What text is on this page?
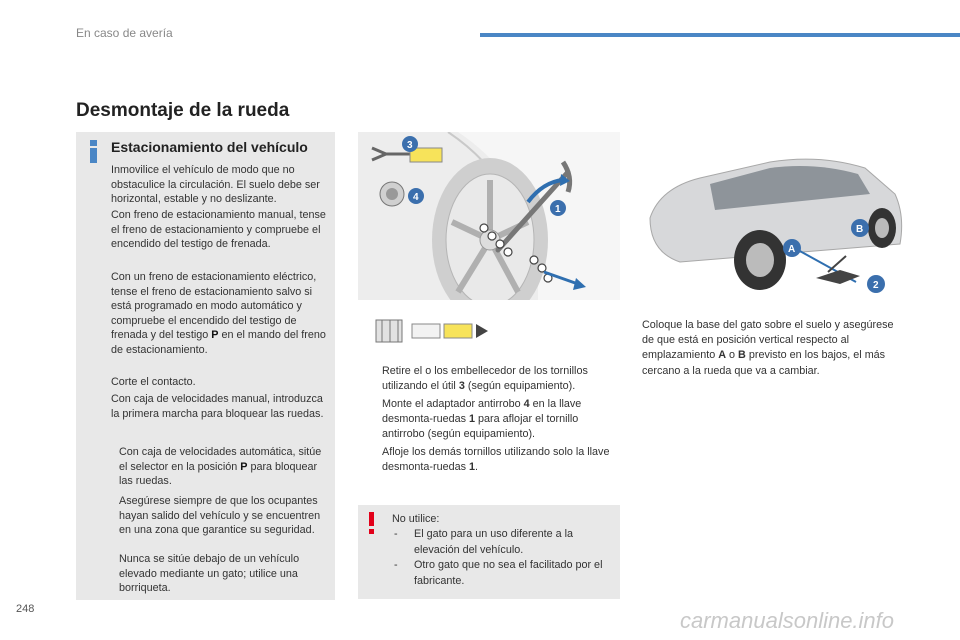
En caso de avería
Desmontaje de la rueda
Estacionamiento del vehículo

Inmovilice el vehículo de modo que no obstaculice la circulación. El suelo debe ser horizontal, estable y no deslizante.

Con freno de estacionamiento manual, tense el freno de estacionamiento y compruebe el encendido del testigo de frenada.

Con un freno de estacionamiento eléctrico, tense el freno de estacionamiento salvo si está programado en modo automático y compruebe el encendido del testigo de frenada y del testigo P en el mando del freno de estacionamiento.

Corte el contacto.

Con caja de velocidades manual, introduzca la primera marcha para bloquear las ruedas.

Con caja de velocidades automática, sitúe el selector en la posición P para bloquear las ruedas.

Asegúrese siempre de que los ocupantes hayan salido del vehículo y se encuentren en una zona que garantice su seguridad.

Nunca se sitúe debajo de un vehículo elevado mediante un gato; utilice una borriqueta.

3
4
1
A
B
2
Retire el o los embellecedor de los tornillos utilizando el útil 3 (según equipamiento).
Monte el adaptador antirrobo 4 en la llave desmonta-ruedas 1 para aflojar el tornillo antirrobo (según equipamiento).
Afloje los demás tornillos utilizando solo la llave desmonta-ruedas 1.
Coloque la base del gato sobre el suelo y asegúrese de que está en posición vertical respecto al emplazamiento A o B previsto en los bajos, el más cercano a la rueda que va a cambiar.

No utilice:

- El gato para un uso diferente a la elevación del vehículo.
- Otro gato que no sea el facilitado por el fabricante.
248	carmanualsonline.info
